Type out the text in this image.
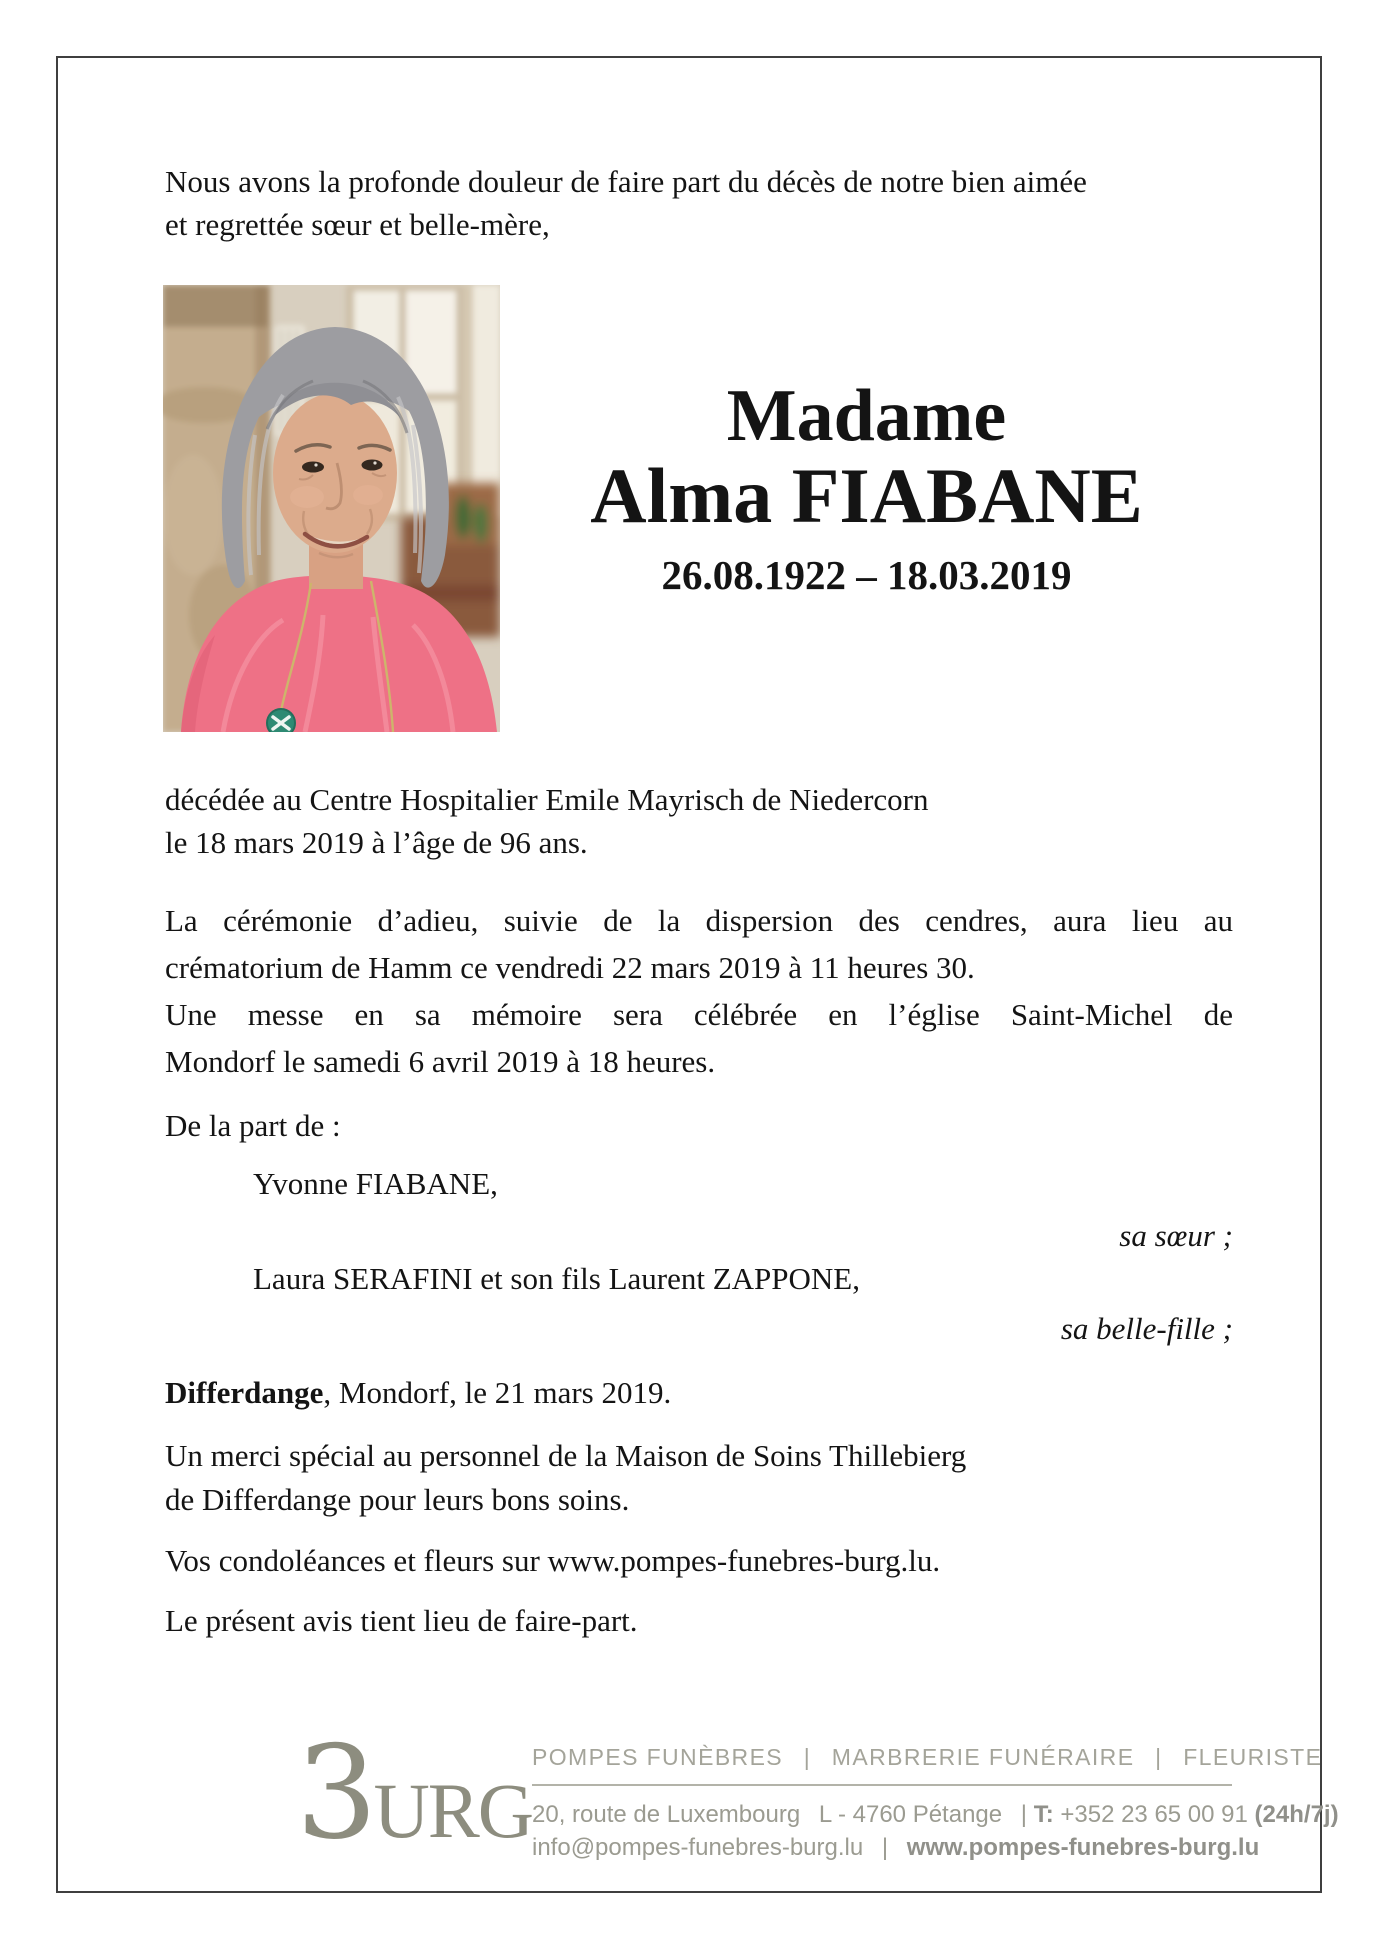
Nous avons la profonde douleur de faire part du décès de notre bien aimée
et regrettée sœur et belle-mère,
Madame
Alma FIABANE
26.08.1922 – 18.03.2019
décédée au Centre Hospitalier Emile Mayrisch de Niedercorn
le 18 mars 2019 à l’âge de 96 ans.
La cérémonie d’adieu, suivie de la dispersion des cendres, aura lieu au
crématorium de Hamm ce vendredi 22 mars 2019 à 11 heures 30.
Une messe en sa mémoire sera célébrée en l’église Saint-Michel de
Mondorf le samedi 6 avril 2019 à 18 heures.
De la part de :
Yvonne FIABANE,
sa sœur ;
Laura SERAFINI et son fils Laurent ZAPPONE,
sa belle-fille ;
Differdange, Mondorf, le 21 mars 2019.
Un merci spécial au personnel de la Maison de Soins Thillebierg
de Differdange pour leurs bons soins.
Vos condoléances et fleurs sur www.pompes-funebres-burg.lu.
Le présent avis tient lieu de faire-part.
3URG
POMPES FUNÈBRES  |  MARBRERIE FUNÉRAIRE  |  FLEURISTE
20, route de Luxembourg  L - 4760 Pétange  | T: +352 23 65 00 91 (24h/7j)
info@pompes-funebres-burg.lu  |  www.pompes-funebres-burg.lu
